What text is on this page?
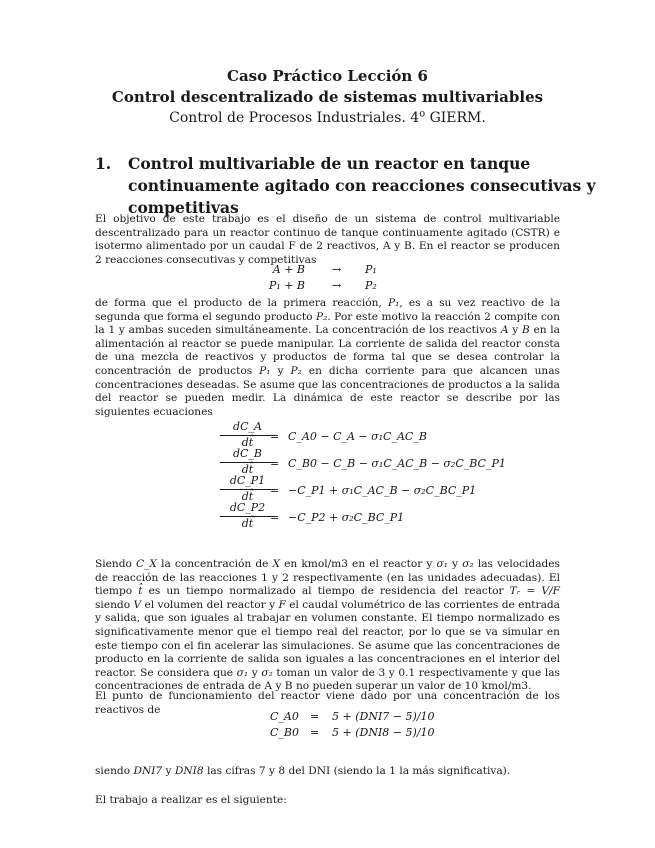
Caso Práctico Lección 6
Control descentralizado de sistemas multivariables
Control de Procesos Industriales. 4$^o$ GIERM.
1. Control multivariable de un reactor en tanque continuamente agitado con reacciones consecutivas y competitivas
El objetivo de este trabajo es el diseño de un sistema de control multivariable descentralizado para un reactor continuo de tanque continuamente agitado (CSTR) e isotermo alimentado por un caudal F de 2 reactivos, A y B. En el reactor se producen 2 reacciones consecutivas y competitivas
A + B → P₁
P₁ + B → P₂
de forma que el producto de la primera reacción, P₁, es a su vez reactivo de la segunda que forma el segundo producto P₂. Por este motivo la reacción 2 compite con la 1 y ambas suceden simultáneamente. La concentración de los reactivos A y B en la alimentación al reactor se puede manipular. La corriente de salida del reactor consta de una mezcla de reactivos y productos de forma tal que se desea controlar la concentración de productos P₁ y P₂ en dicha corriente para que alcancen unas concentraciones deseadas. Se asume que las concentraciones de productos a la salida del reactor se pueden medir. La dinámica de este reactor se describe por las siguientes ecuaciones
$\frac{dC\_A}{dt̂}$
= C_A0 − C_A − σ₁C_AC_B
$\frac{dC\_B}{dt̂}$
= C_B0 − C_B − σ₁C_AC_B − σ₂C_BC_P1
$\frac{dC\_P1}{dt̂}$
= −C_P1 + σ₁C_AC_B − σ₂C_BC_P1
$\frac{dC\_P2}{dt̂}$
= −C_P2 + σ₂C_BC_P1
Siendo C_X la concentración de X en kmol/m3 en el reactor y σ₁ y σ₂ las velocidades de reacción de las reacciones 1 y 2 respectivamente (en las unidades adecuadas). El tiempo t̂ es un tiempo normalizado al tiempo de residencia del reactor Tᵣ = V/F siendo V el volumen del reactor y F el caudal volumétrico de las corrientes de entrada y salida, que son iguales al trabajar en volumen constante. El tiempo normalizado es significativamente menor que el tiempo real del reactor, por lo que se va simular en este tiempo con el fin acelerar las simulaciones. Se asume que las concentraciones de producto en la corriente de salida son iguales a las concentraciones en el interior del reactor. Se considera que σ₁ y σ₂ toman un valor de 3 y 0.1 respectivamente y que las concentraciones de entrada de A y B no pueden superar un valor de 10 kmol/m3.
El punto de funcionamiento del reactor viene dado por una concentración de los reactivos de
C_A0 = 5 + (DNI7 − 5)/10
C_B0 = 5 + (DNI8 − 5)/10
siendo DNI7 y DNI8 las cifras 7 y 8 del DNI (siendo la 1 la más significativa).
El trabajo a realizar es el siguiente:
